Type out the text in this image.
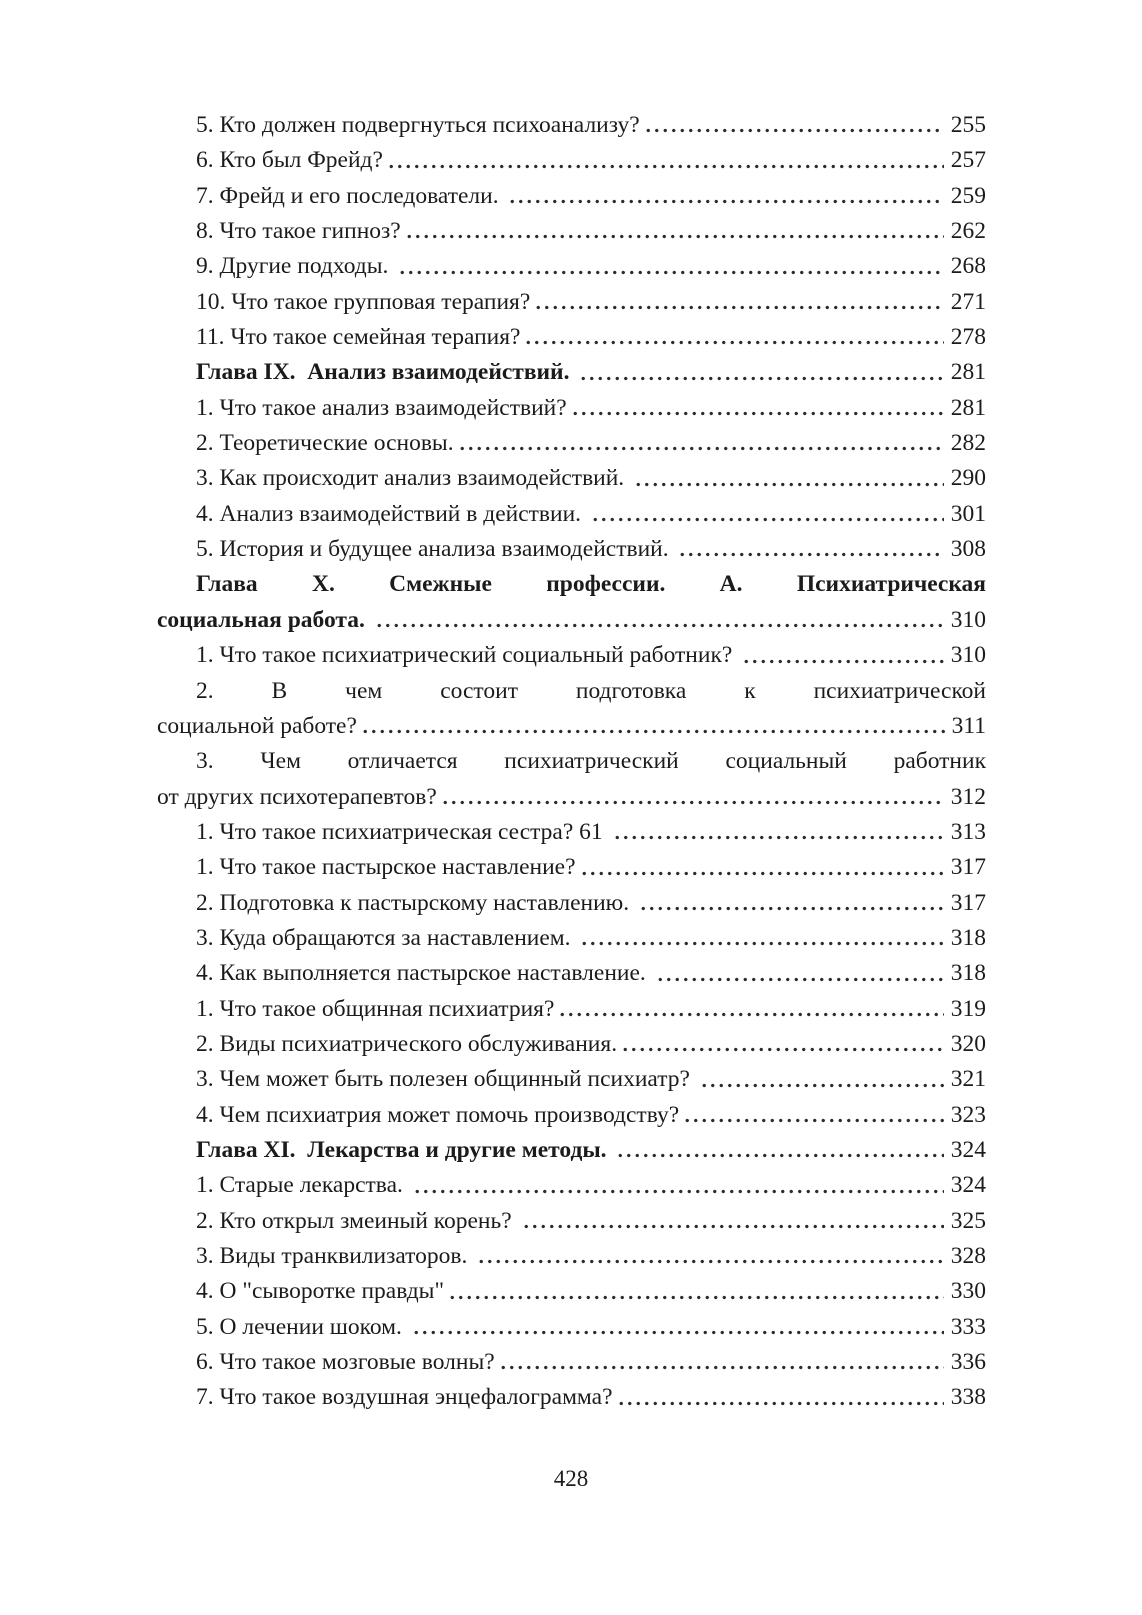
5. Кто должен подвергнуться психоанализу?	255
6. Кто был Фрейд?	257
7. Фрейд и его последователи.	259
8. Что такое гипноз?	262
9. Другие подходы.	268
10. Что такое групповая терапия?	271
11. Что такое семейная терапия?	278
Глава IX.  Анализ взаимодействий.	281
1. Что такое анализ взаимодействий?	281
2. Теоретические основы.	282
3. Как происходит анализ взаимодействий.	290
4. Анализ взаимодействий в действии.	301
5. История и будущее анализа взаимодействий.	308
Глава X. Смежные профессии. А. Психиатрическая
социальная работа.	310
1. Что такое психиатрический социальный работник?	310
2. В чем состоит подготовка к психиатрической
социальной работе?	311
3. Чем отличается психиатрический социальный работник
от других психотерапевтов?	312
1. Что такое психиатрическая сестра? 61	313
1. Что такое пастырское наставление?	317
2. Подготовка к пастырскому наставлению.	317
3. Куда обращаются за наставлением.	318
4. Как выполняется пастырское наставление.	318
1. Что такое общинная психиатрия?	319
2. Виды психиатрического обслуживания.	320
3. Чем может быть полезен общинный психиатр?	321
4. Чем психиатрия может помочь производству?	323
Глава XI.  Лекарства и другие методы.	324
1. Старые лекарства.	324
2. Кто открыл змеиный корень?	325
3. Виды транквилизаторов.	328
4. О "сыворотке правды"	330
5. О лечении шоком.	333
6. Что такое мозговые волны?	336
7. Что такое воздушная энцефалограмма?	338
428
